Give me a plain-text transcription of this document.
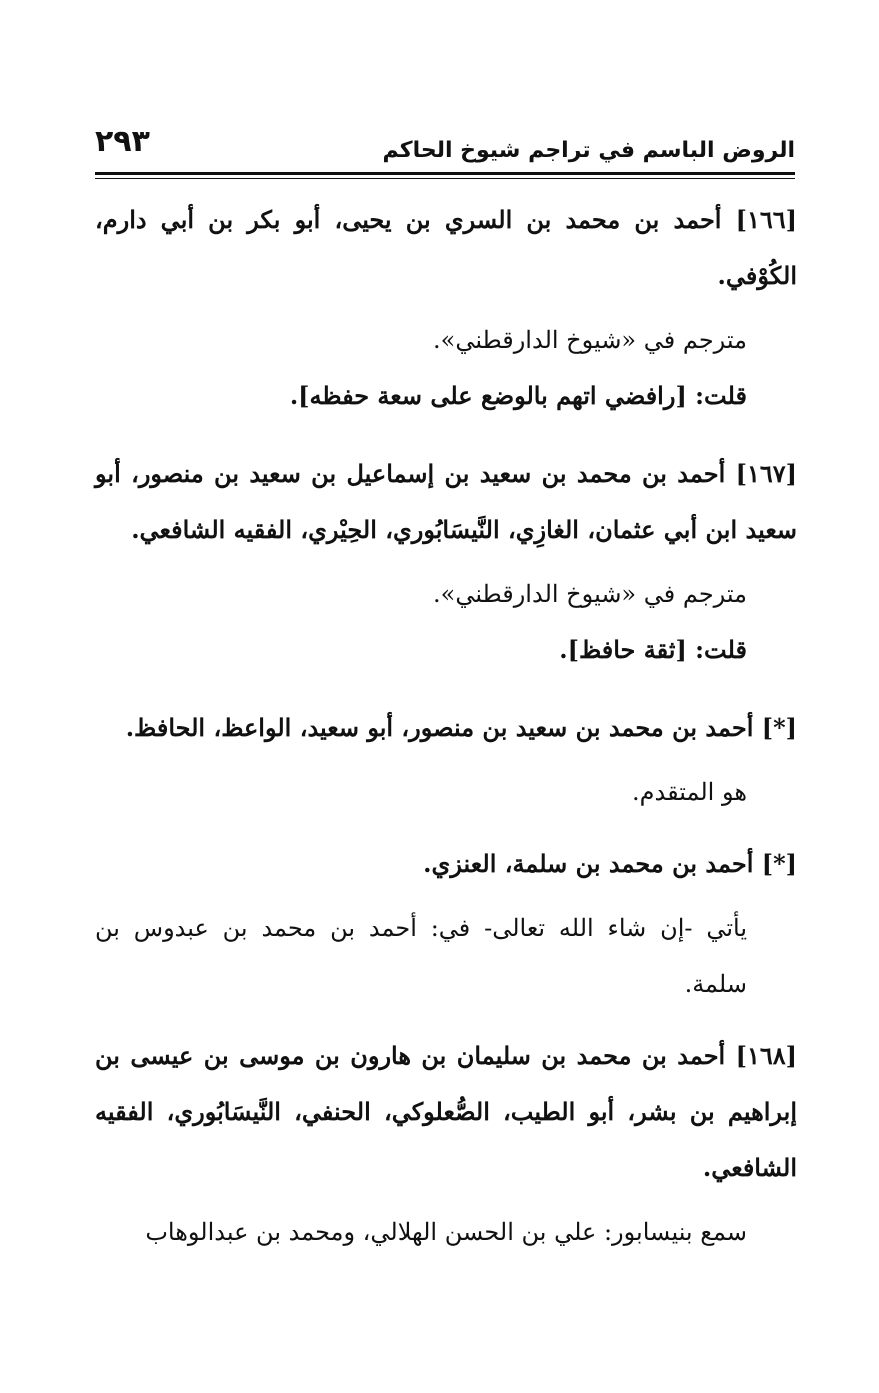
الروض الباسم في تراجم شيوخ الحاكم
٢٩٣

[١٦٦] أحمد بن محمد بن السري بن يحيى، أبو بكر بن أبي دارم، الكُوْفي.

مترجم في «شيوخ الدارقطني».

قلت: [رافضي اتهم بالوضع على سعة حفظه].

[١٦٧] أحمد بن محمد بن سعيد بن إسماعيل بن سعيد بن منصور، أبو سعيد ابن أبي عثمان، الغازِي، النَّيسَابُوري، الحِيْري، الفقيه الشافعي.

مترجم في «شيوخ الدارقطني».

قلت: [ثقة حافظ].

[*] أحمد بن محمد بن سعيد بن منصور، أبو سعيد، الواعظ، الحافظ.

هو المتقدم.

[*] أحمد بن محمد بن سلمة، العنزي.

يأتي -إن شاء الله تعالى- في: أحمد بن محمد بن عبدوس بن سلمة.

[١٦٨] أحمد بن محمد بن سليمان بن هارون بن موسى بن عيسى بن إبراهيم بن بشر، أبو الطيب، الصُّعلوكي، الحنفي، النَّيسَابُوري، الفقيه الشافعي.

سمع بنيسابور: علي بن الحسن الهلالي، ومحمد بن عبدالوهاب
